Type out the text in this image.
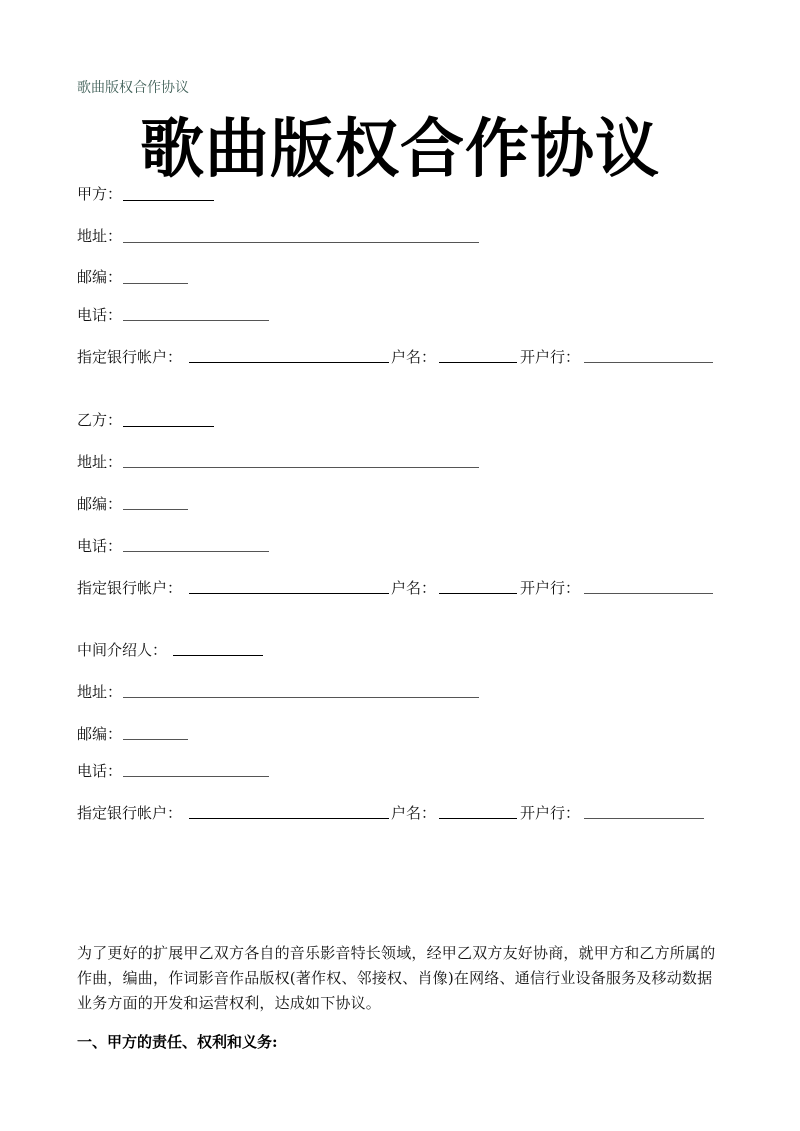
歌曲版权合作协议
歌曲版权合作协议
甲方：
地址：
邮编：
电话：
指定银行帐户：	户名：	开户行：
乙方：
地址：
邮编：
电话：
指定银行帐户：	户名：	开户行：
中间介绍人：
地址：
邮编：
电话：
指定银行帐户：	户名：	开户行：
为了更好的扩展甲乙双方各自的音乐影音特长领域，经甲乙双方友好协商，就甲方和乙方所属的作曲，编曲，作词影音作品版权(著作权、邻接权、肖像)在网络、通信行业设备服务及移动数据业务方面的开发和运营权利，达成如下协议。
一、甲方的责任、权利和义务:
